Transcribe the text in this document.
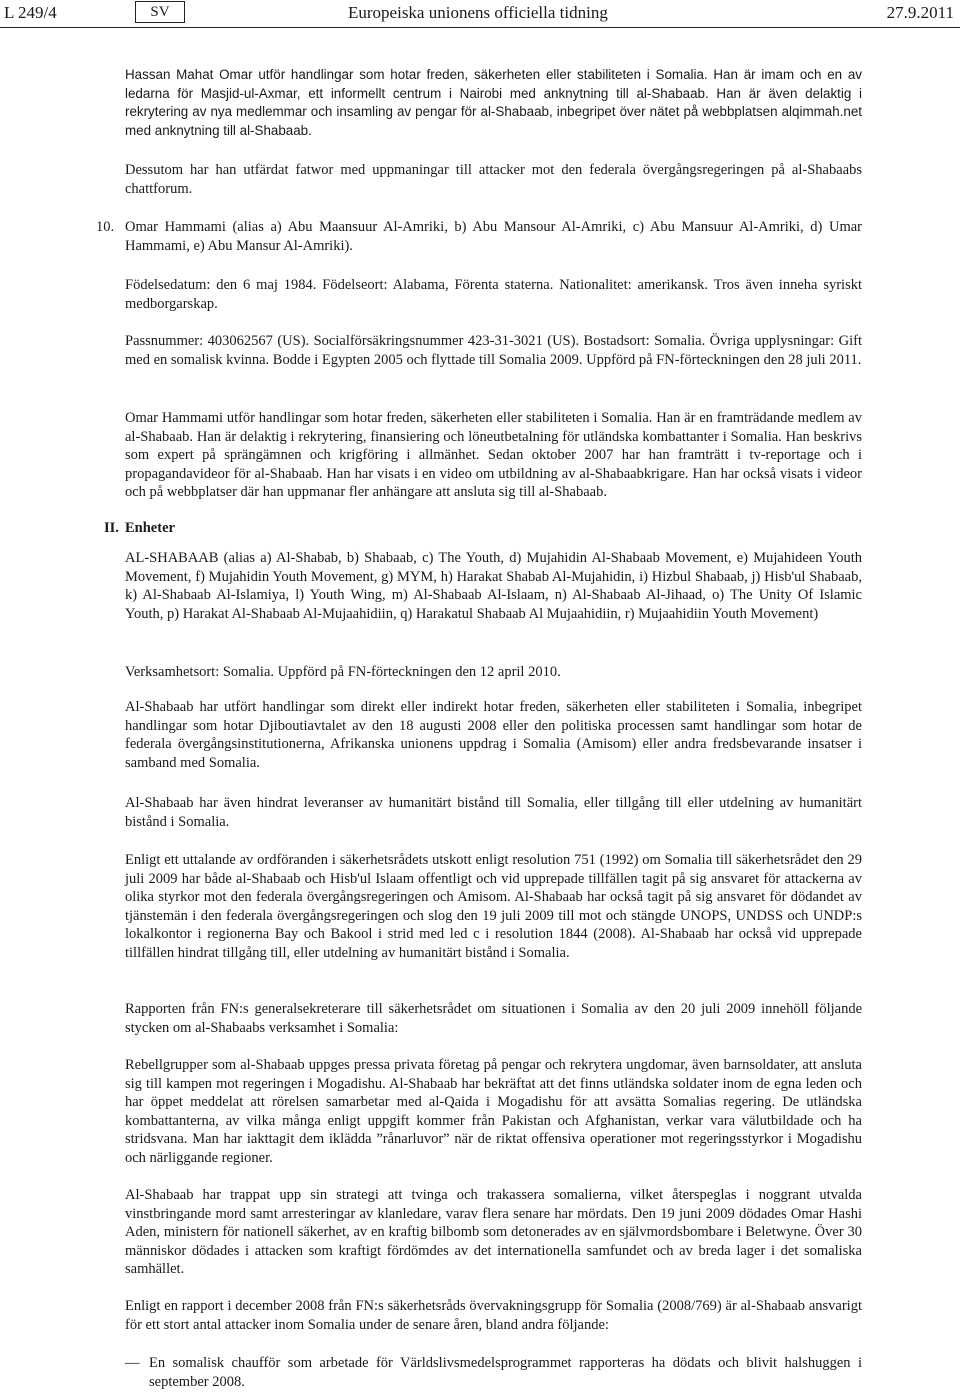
L 249/4	SV	Europeiska unionens officiella tidning	27.9.2011
Hassan Mahat Omar utför handlingar som hotar freden, säkerheten eller stabiliteten i Somalia. Han är imam och en av ledarna för Masjid-ul-Axmar, ett informellt centrum i Nairobi med anknytning till al-Shabaab. Han är även delaktig i rekrytering av nya medlemmar och insamling av pengar för al-Shabaab, inbegripet över nätet på webbplatsen alqimmah.net med anknytning till al-Shabaab.
Dessutom har han utfärdat fatwor med uppmaningar till attacker mot den federala övergångsregeringen på al-Shabaabs chattforum.
10. Omar Hammami (alias a) Abu Maansuur Al-Amriki, b) Abu Mansour Al-Amriki, c) Abu Mansuur Al-Amriki, d) Umar Hammami, e) Abu Mansur Al-Amriki).
Födelsedatum: den 6 maj 1984. Födelseort: Alabama, Förenta staterna. Nationalitet: amerikansk. Tros även inneha syriskt medborgarskap.
Passnummer: 403062567 (US). Socialförsäkringsnummer 423-31-3021 (US). Bostadsort: Somalia. Övriga upplysningar: Gift med en somalisk kvinna. Bodde i Egypten 2005 och flyttade till Somalia 2009. Uppförd på FN-förteckningen den 28 juli 2011.
Omar Hammami utför handlingar som hotar freden, säkerheten eller stabiliteten i Somalia. Han är en framträdande medlem av al-Shabaab. Han är delaktig i rekrytering, finansiering och löneutbetalning för utländska kombattanter i Somalia. Han beskrivs som expert på sprängämnen och krigföring i allmänhet. Sedan oktober 2007 har han framträtt i tv-reportage och i propagandavideor för al-Shabaab. Han har visats i en video om utbildning av al-Shabaabkrigare. Han har också visats i videor och på webbplatser där han uppmanar fler anhängare att ansluta sig till al-Shabaab.
II. Enheter
AL-SHABAAB (alias a) Al-Shabab, b) Shabaab, c) The Youth, d) Mujahidin Al-Shabaab Movement, e) Mujahideen Youth Movement, f) Mujahidin Youth Movement, g) MYM, h) Harakat Shabab Al-Mujahidin, i) Hizbul Shabaab, j) Hisb'ul Shabaab, k) Al-Shabaab Al-Islamiya, l) Youth Wing, m) Al-Shabaab Al-Islaam, n) Al-Shabaab Al-Jihaad, o) The Unity Of Islamic Youth, p) Harakat Al-Shabaab Al-Mujaahidiin, q) Harakatul Shabaab Al Mujaahidiin, r) Mujaahidiin Youth Movement)
Verksamhetsort: Somalia. Uppförd på FN-förteckningen den 12 april 2010.
Al-Shabaab har utfört handlingar som direkt eller indirekt hotar freden, säkerheten eller stabiliteten i Somalia, inbegripet handlingar som hotar Djiboutiavtalet av den 18 augusti 2008 eller den politiska processen samt handlingar som hotar de federala övergångsinstitutionerna, Afrikanska unionens uppdrag i Somalia (Amisom) eller andra fredsbevarande insatser i samband med Somalia.
Al-Shabaab har även hindrat leveranser av humanitärt bistånd till Somalia, eller tillgång till eller utdelning av humanitärt bistånd i Somalia.
Enligt ett uttalande av ordföranden i säkerhetsrådets utskott enligt resolution 751 (1992) om Somalia till säkerhetsrådet den 29 juli 2009 har både al-Shabaab och Hisb'ul Islaam offentligt och vid upprepade tillfällen tagit på sig ansvaret för attackerna av olika styrkor mot den federala övergångsregeringen och Amisom. Al-Shabaab har också tagit på sig ansvaret för dödandet av tjänstemän i den federala övergångsregeringen och slog den 19 juli 2009 till mot och stängde UNOPS, UNDSS och UNDP:s lokalkontor i regionerna Bay och Bakool i strid med led c i resolution 1844 (2008). Al-Shabaab har också vid upprepade tillfällen hindrat tillgång till, eller utdelning av humanitärt bistånd i Somalia.
Rapporten från FN:s generalsekreterare till säkerhetsrådet om situationen i Somalia av den 20 juli 2009 innehöll följande stycken om al-Shabaabs verksamhet i Somalia:
Rebellgrupper som al-Shabaab uppges pressa privata företag på pengar och rekrytera ungdomar, även barnsoldater, att ansluta sig till kampen mot regeringen i Mogadishu. Al-Shabaab har bekräftat att det finns utländska soldater inom de egna leden och har öppet meddelat att rörelsen samarbetar med al-Qaida i Mogadishu för att avsätta Somalias regering. De utländska kombattanterna, av vilka många enligt uppgift kommer från Pakistan och Afghanistan, verkar vara välutbildade och ha stridsvana. Man har iakttagit dem iklädda ”rånarluvor” när de riktat offensiva operationer mot regeringsstyrkor i Mogadishu och närliggande regioner.
Al-Shabaab har trappat upp sin strategi att tvinga och trakassera somalierna, vilket återspeglas i noggrant utvalda vinstbringande mord samt arresteringar av klanledare, varav flera senare har mördats. Den 19 juni 2009 dödades Omar Hashi Aden, ministern för nationell säkerhet, av en kraftig bilbomb som detonerades av en självmordsbombare i Beletwyne. Över 30 människor dödades i attacken som kraftigt fördömdes av det internationella samfundet och av breda lager i det somaliska samhället.
Enligt en rapport i december 2008 från FN:s säkerhetsråds övervakningsgrupp för Somalia (2008/769) är al-Shabaab ansvarigt för ett stort antal attacker inom Somalia under de senare åren, bland andra följande:
— En somalisk chaufför som arbetade för Världslivsmedelsprogrammet rapporteras ha dödats och blivit halshuggen i september 2008.
